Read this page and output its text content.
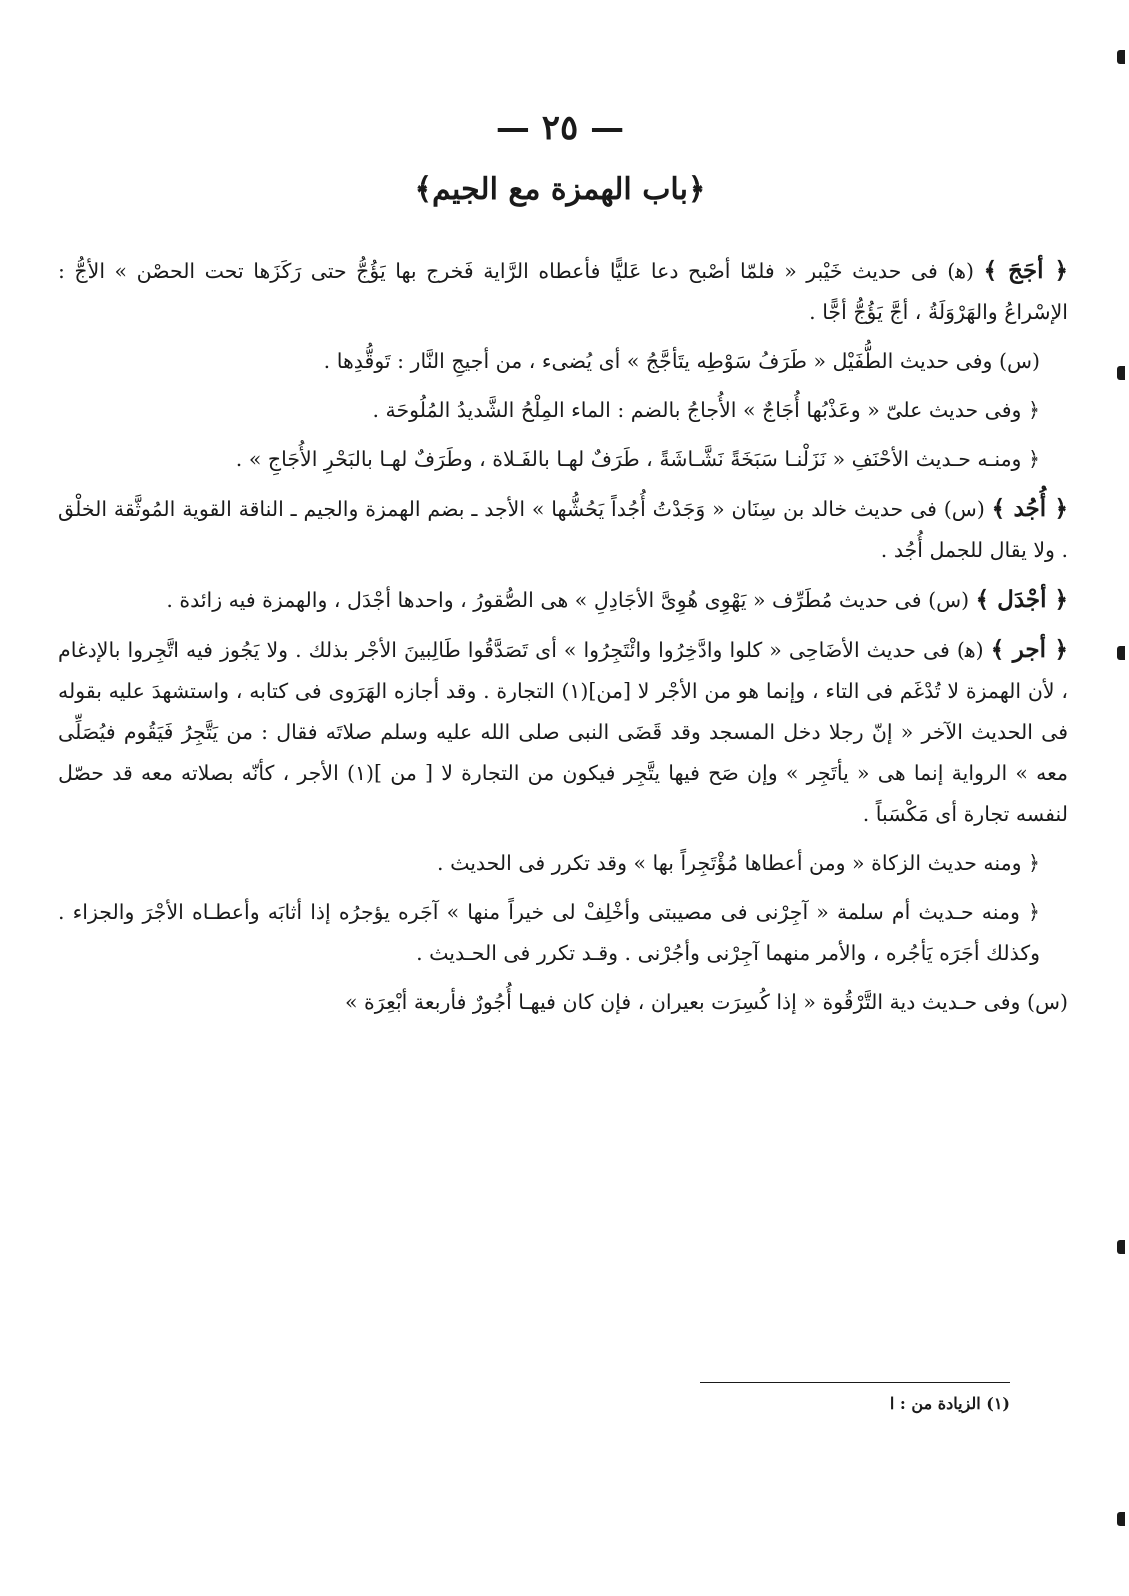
— ٢٥ —
﴿باب الهمزة مع الجيم﴾

﴿ أجَجَ ﴾ (ﻫ) فى حديث خَيْبر « فلمّا أصْبح دعا عَليًّا فأعطاه الرَّاية فَخرج بها يَؤُجُّ حتى رَكَزَها تحت الحصْن » الأجُّ : الإسْراعُ والهَرْوَلَةُ ، أجَّ يَؤُجُّ أجًّا .

(س) وفى حديث الطُّفَيْل « طَرَفُ سَوْطِه يتَأجَّجُ » أى يُضىء ، من أجيجِ النَّار : تَوقُّدِها .

﴿ وفى حديث علىّ « وعَذْبُها أُجَاجٌ » الأُجاجُ بالضم : الماء المِلْحُ الشَّديدُ المُلُوحَة .

﴿ ومنـه حـديث الأحْنَفِ « نَزَلْنـا سَبَخَةً نَشَّـاشَةً ، طَرَفٌ لهـا بالفَـلاة ، وطَرَفٌ لهـا بالبَحْرِ الأُجَاجِ » .

﴿ أُجُد ﴾ (س) فى حديث خالد بن سِنَان « وَجَدْتُ أُجُداً يَحُشُّها » الأجد ـ بضم الهمزة والجيم ـ الناقة القوية المُوثَّقة الخلْق . ولا يقال للجمل أُجُد .

﴿ أجْدَل ﴾ (س) فى حديث مُطَرِّف « يَهْوِى هُوِىَّ الأجَادِلِ » هى الصُّقورُ ، واحدها أجْدَل ، والهمزة فيه زائدة .

﴿ أجر ﴾ (ﻫ) فى حديث الأضَاحِى « كلوا وادَّخِرُوا وائْتَجِرُوا » أى تَصَدَّقُوا طَالِبينَ الأجْر بذلك . ولا يَجُوز فيه اتَّجِروا بالإدغام ، لأن الهمزة لا تُدْغَم فى التاء ، وإنما هو من الأجْر لا [من](١) التجارة . وقد أجازه الهَرَوى فى كتابه ، واستشهدَ عليه بقوله فى الحديث الآخر « إنّ رجلا دخل المسجد وقد قَضَى النبى صلى الله عليه وسلم صلاتَه فقال : من يَتَّجِرُ فَيَقُوم فيُصَلِّى معه » الرواية إنما هى « يأتَجِر » وإن صَح فيها يتَّجِر فيكون من التجارة لا [ من ](١) الأجر ، كأنّه بصلاته معه قد حصّل لنفسه تجارة أى مَكْسَباً .

﴿ ومنه حديث الزكاة « ومن أعطاها مُؤْتَجِراً بها » وقد تكرر فى الحديث .

﴿ ومنه حـديث أم سلمة « آجِرْنى فى مصيبتى وأخْلِفْ لى خيراً منها » آجَره يؤجرُه إذا أثابَه وأعطـاه الأجْرَ والجزاء . وكذلك أجَرَه يَأجُره ، والأمر منهما آجِرْنى وأجُرْنى . وقـد تكرر فى الحـديث .

(س) وفى حـديث دية التَّرْقُوة « إذا كُسِرَت بعيران ، فإن كان فيهـا أُجُورٌ فأربعة أبْعِرَة »

(١) الزيادة من : ا
